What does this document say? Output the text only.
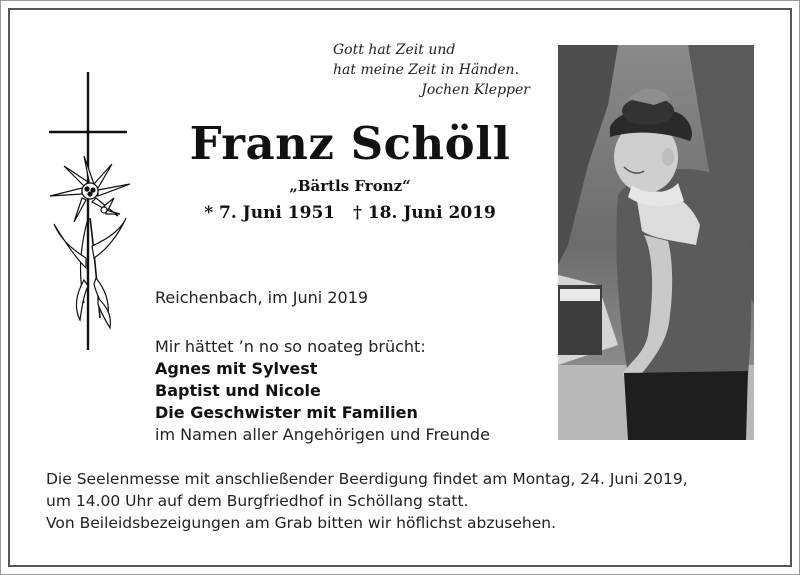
Gott hat Zeit und
hat meine Zeit in Händen.
Jochen Klepper
Franz Schöll
„Bärtls Fronz“
* 7. Juni 1951 † 18. Juni 2019
Reichenbach, im Juni 2019
Mir hättet ’n no so noateg brücht:
Agnes mit Sylvest
Baptist und Nicole
Die Geschwister mit Familien
im Namen aller Angehörigen und Freunde
Die Seelenmesse mit anschließender Beerdigung findet am Montag, 24. Juni 2019,
um 14.00 Uhr auf dem Burgfriedhof in Schöllang statt.
Von Beileidsbezeigungen am Grab bitten wir höflichst abzusehen.
